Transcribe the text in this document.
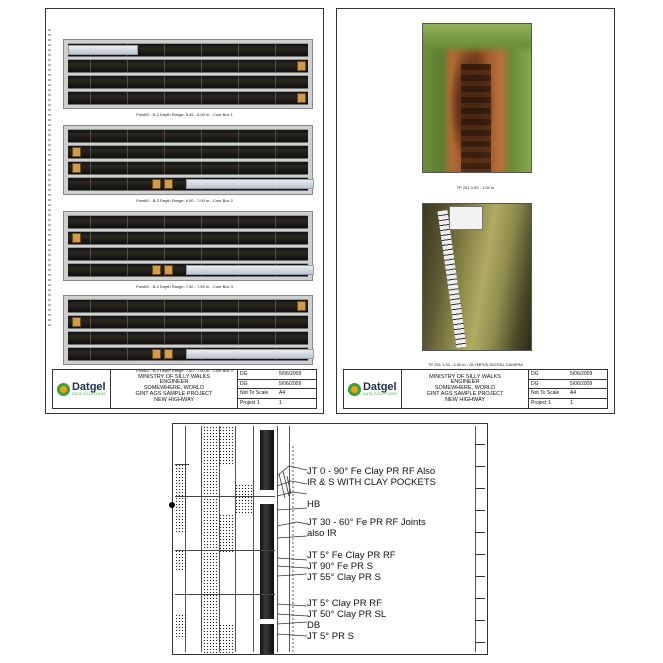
PointID : B-2 Depth Range: 5.45 - 6.00 m - Core Box 1
PointID : B-2 Depth Range: 6.00 - 7.00 m - Core Box 2
PointID : B-2 Depth Range: 7.00 - 7.50 m - Core Box 3
PointID : B-2 Depth Range: 7.50 - 7.60 m - Core Box 4
Datgel
DATA SOLUTIONS
MINISTRY OF SILLY WALKS
ENGINEER
SOMEWHERE, WORLD
GINT AGS SAMPLE PROJECT
NEW HIGHWAY
DG	5/06/2009
DG	5/06/2009
Not To Scale	A4
Project 1	1
TP 251 0.00 - 1.00 m
TP 251 1.00 - 3.00 m - OLYMPUS DIGITAL CAMERA
Datgel
DATA SOLUTIONS
MINISTRY OF SILLY WALKS
ENGINEER
SOMEWHERE, WORLD
GINT AGS SAMPLE PROJECT
NEW HIGHWAY
DG	5/06/2009
DG	5/06/2009
Not To Scale	A4
Project 1	1
JT 0 - 90° Fe Clay PR RF Also
IR & S WITH CLAY POCKETS
HB
JT 30 - 60° Fe PR RF Joints
also IR
JT 5° Fe Clay PR RF
JT 90° Fe PR S
JT 55° Clay PR S
JT 5° Clay PR RF
JT 50° Clay PR SL
DB
JT 5° PR S
